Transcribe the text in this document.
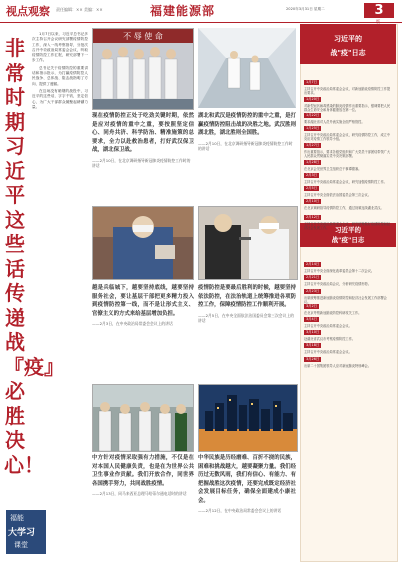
视点观察 责任编辑：×× 美编：××	福建能源部	2020年3月31日 星期二	3
版
非常时期习近平这些话传递战『疫』必胜决心！

1月7日以来，习近平总书记多次主持召开会议研究部署疫情防控工作，深入一线考察指导，分批次召开中央政治局常委会会议，听取疫情防控工作汇报，研究部署下一步工作。

总书记关于疫情防控的重要讲话和指示批示，为打赢疫情防控人民战争、总体战、阻击战指明了方向、提供了遵循。

在这场没有硝烟的战役中，习近平的这些话，字字千钧，坚定信心，为广大干部群众凝聚起磅礴力量。

福能
大学习
课堂
不 辱 使 命
现在疫情防控正处于吃劲关键时期，依然是应对疫情的重中之重，要按照坚定信心、同舟共济、科学防治、精准施策的总要求，全力以赴救治患者，打好武汉保卫战，湖北保卫战。
——2月10日，在北京调研指导新冠肺炎疫情防控工作时的讲话
湖北和武汉是疫情防控的重中之重，是打赢疫情防控阻击战的决胜之地。武汉胜则湖北胜，湖北胜则全国胜。
——2月10日，在北京调研指导新冠肺炎疫情防控工作时的讲话
越是兵临城下，越要坚持底线，越要坚持服务社会，要让基层干部把更多精力投入到疫情防控第一线，而不是让形式主义、官僚主义的方式来给基层增加负担。
——2月3日，在中央政治局常委会会议上的讲话
疫情防控是要最后胜利的时候，越要坚持依法防控，在法治轨道上统筹推进各项防控工作，保障疫情防控工作顺利开展。
——2月5日，在中央全面依法治国委员会第三次会议上的讲话
中方针对疫情采取强有力措施，不仅是在对本国人民健康负责，也是在为世界公共卫生事业作贡献。我们开放合作，同世界各国携手努力，共同战胜疫情。
——2月13日，同马来西亚总理马哈蒂尔通电话时的讲话
中华民族是历经磨难、百折不挠的民族，困难和挑战越大，越要凝聚力量。我们经历过无数风雨，我们有信心、有能力、有把握战胜这次疫情，还要完成既定经济社会发展目标任务，确保全面建成小康社会。
——2月12日，在中央政治局常委会会议上的讲话
习近平的
战"疫"日志
习近平的
战"疫"日志
1月7日
主持召开中央政治局常委会会议，对新冠肺炎疫情防控工作提出要求。
1月20日
对新型冠状病毒感染的肺炎疫情作出重要指示，强调要把人民群众生命安全和身体健康放在第一位。
1月22日
要求湖北省对人员外流实施全面严格管控。
1月25日
主持召开中央政治局常委会会议，研究疫情防控工作，成立中央应对疫情工作领导小组。
1月27日
作出重要指示，要求各级党组织和广大党员干部团结带领广大人民群众贯彻落实党中央决策部署。
1月28日
在北京会见世界卫生组织总干事谭德塞。
2月3日
主持召开中央政治局常委会会议，研究加强疫情防控工作。
2月5日
主持召开中央全面依法治国委员会第三次会议。
2月10日
在北京调研指导疫情防控工作，通过视频连线湖北武汉。
2月12日
主持召开中央政治局常委会会议，研究统筹做好疫情防控和经济社会发展工作。
2月14日
主持召开中央全面深化改革委员会第十二次会议。
2月21日
主持召开中央政治局会议，分析研究疫情形势。
2月23日
出席统筹推进新冠肺炎疫情防控和经济社会发展工作部署会议。
3月2日
在北京考察新冠肺炎防控科研攻关工作。
3月4日
主持召开中央政治局常委会会议。
3月10日
赴湖北省武汉市考察疫情防控工作。
3月18日
主持召开中央政治局常委会会议。
3月26日
出席二十国集团领导人应对新冠肺炎特别峰会。
